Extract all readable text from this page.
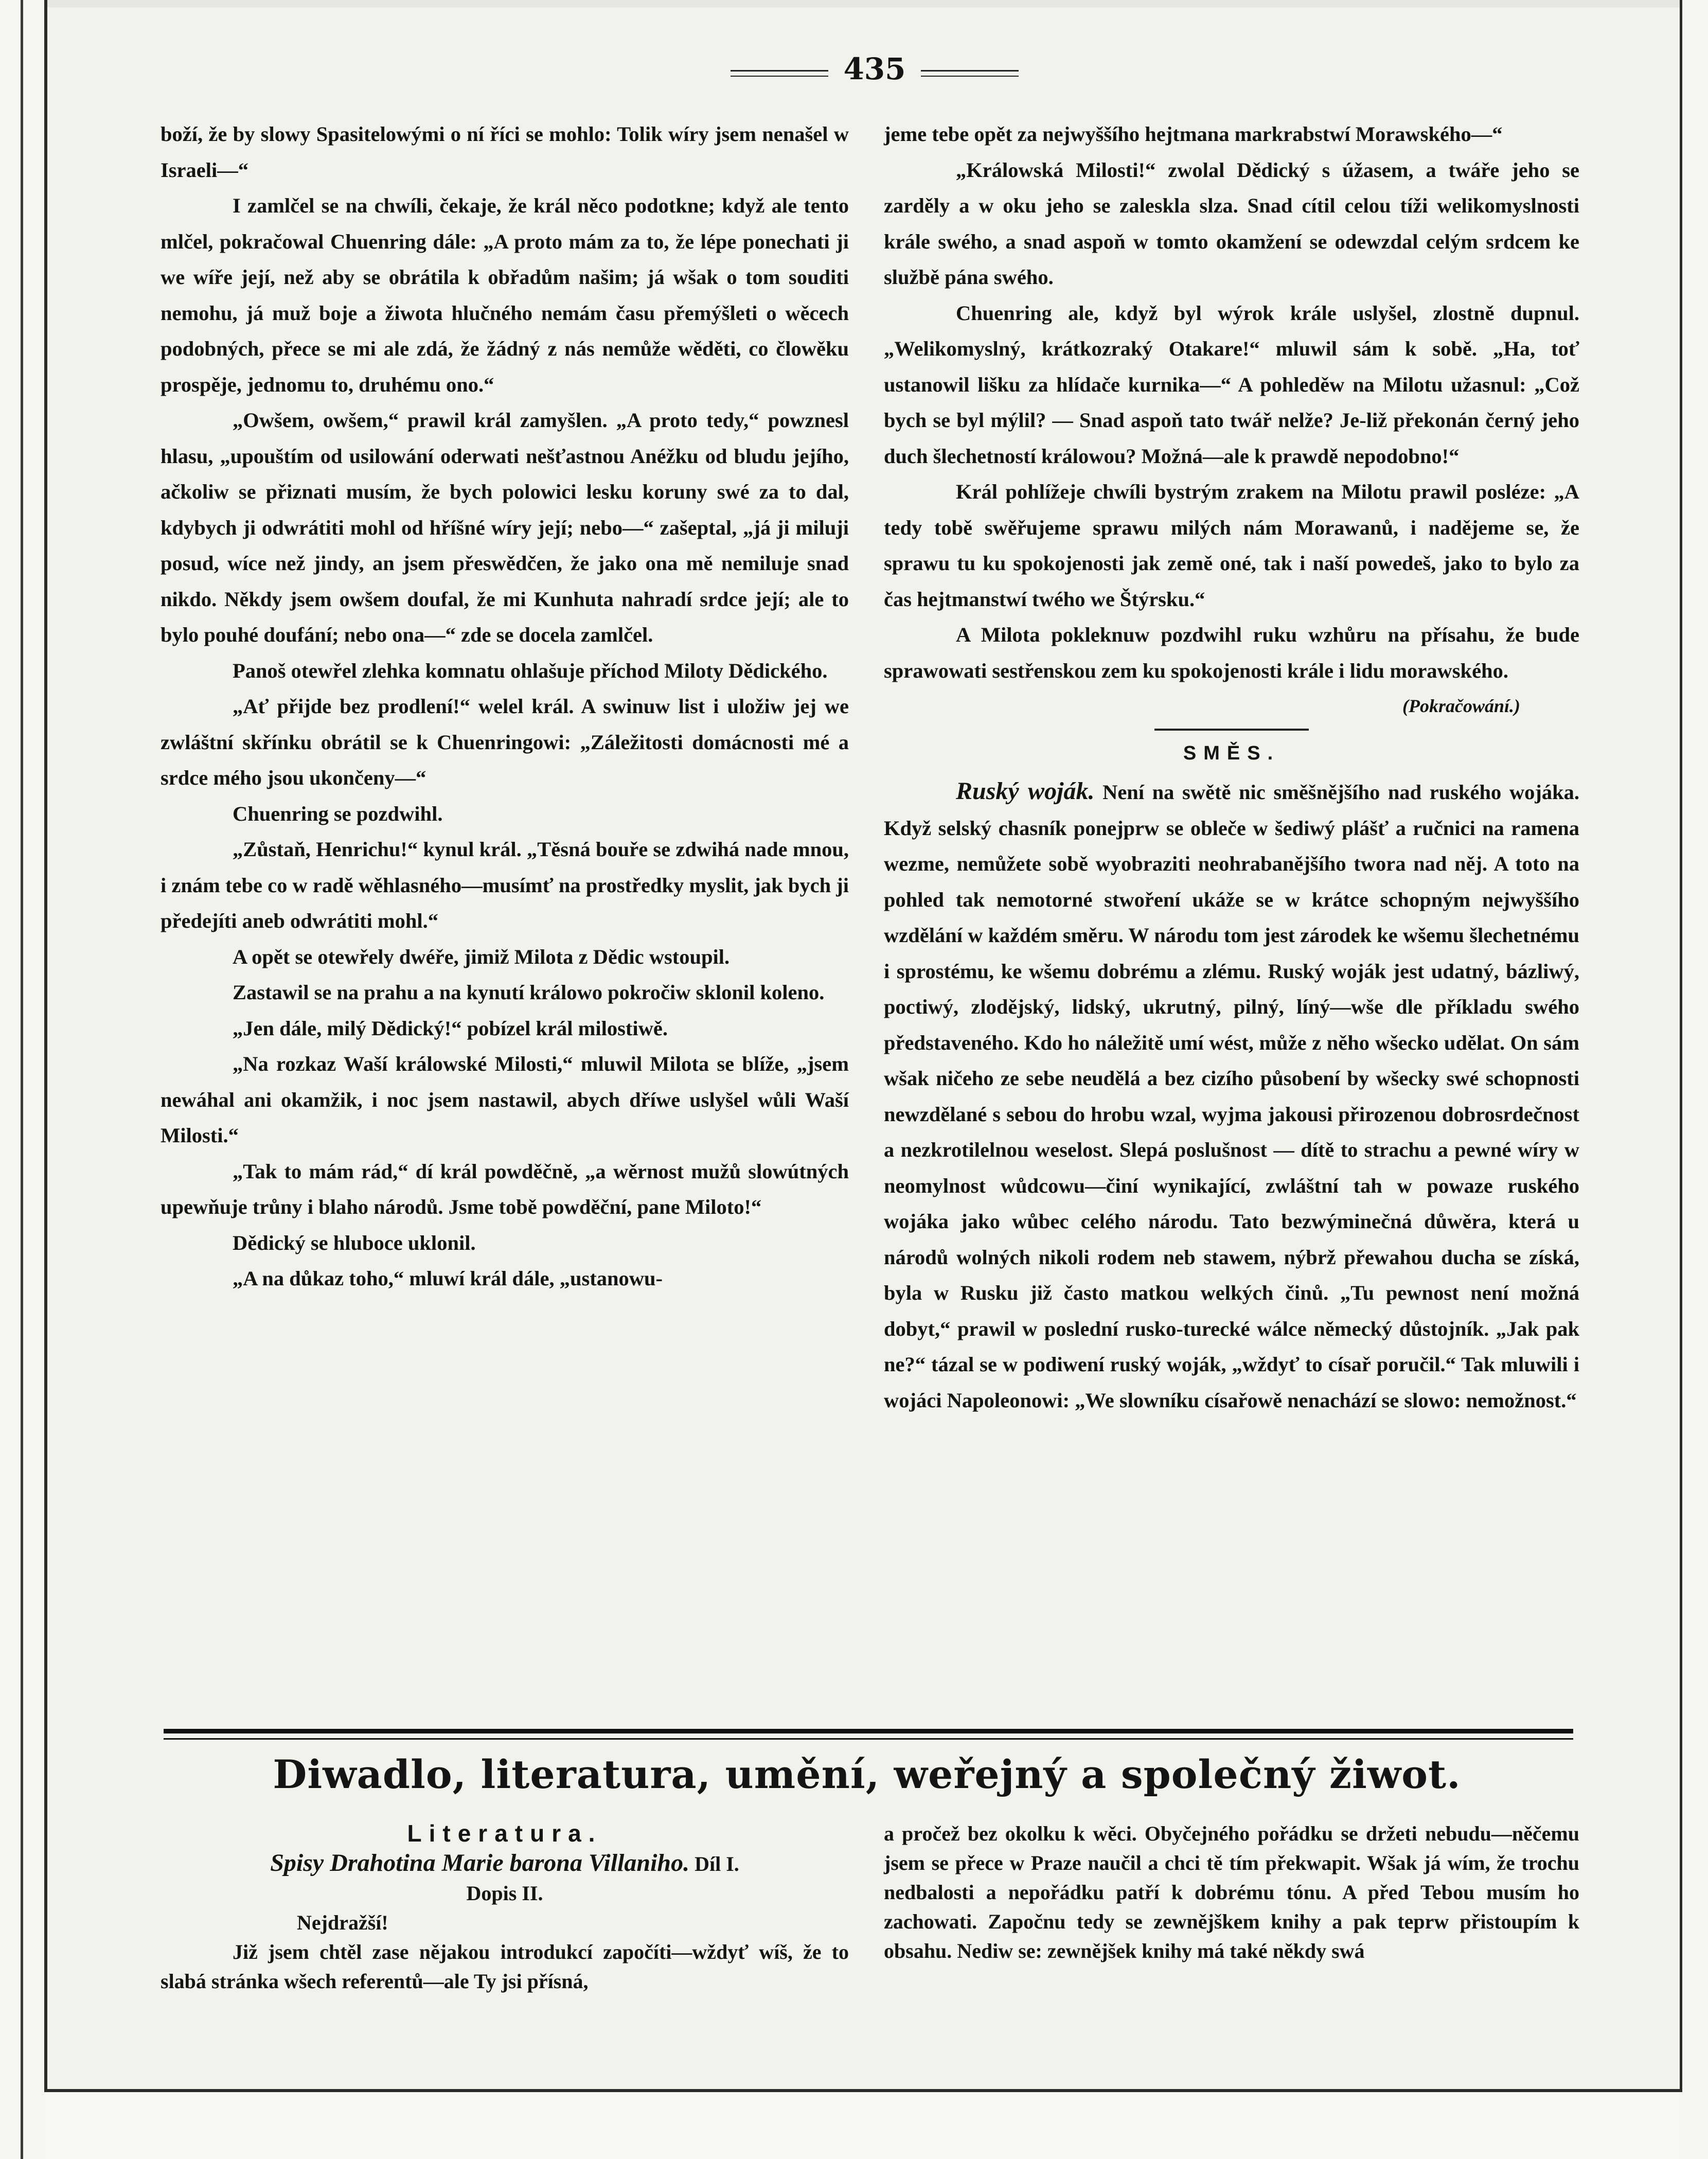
435

boží, že by slowy Spasitelowými o ní říci se mohlo: Tolik wíry jsem nenašel w Israeli—“

I zamlčel se na chwíli, čekaje, že král něco podotkne; když ale tento mlčel, pokračowal Chuenring dále: „A proto mám za to, že lépe ponechati ji we wíře její, než aby se obrátila k obřadům našim; já wšak o tom souditi nemohu, já muž boje a žiwota hlučného nemám času přemýšleti o wěcech podobných, přece se mi ale zdá, že žádný z nás nemůže wěděti, co člowěku prospěje, jednomu to, druhému ono.“

„Owšem, owšem,“ prawil král zamyšlen. „A proto tedy,“ powznesl hlasu, „upouštím od usilowání oderwati nešťastnou Anéžku od bludu jejího, ačkoliw se přiznati musím, že bych polowici lesku koruny swé za to dal, kdybych ji odwrátiti mohl od hříšné wíry její; nebo—“ zašeptal, „já ji miluji posud, wíce než jindy, an jsem přeswědčen, že jako ona mě nemiluje snad nikdo. Někdy jsem owšem doufal, že mi Kunhuta nahradí srdce její; ale to bylo pouhé doufání; nebo ona—“ zde se docela zamlčel.

Panoš otewřel zlehka komnatu ohlašuje příchod Miloty Dědického.

„Ať přijde bez prodlení!“ welel král. A swinuw list i uložiw jej we zwláštní skřínku obrátil se k Chuenringowi: „Záležitosti domácnosti mé a srdce mého jsou ukončeny—“

Chuenring se pozdwihl.

„Zůstaň, Henrichu!“ kynul král. „Těsná bouře se zdwihá nade mnou, i znám tebe co w radě wěhlasného—musímť na prostředky myslit, jak bych ji předejíti aneb odwrátiti mohl.“

A opět se otewřely dwéře, jimiž Milota z Dědic wstoupil.

Zastawil se na prahu a na kynutí králowo pokročiw sklonil koleno.

„Jen dále, milý Dědický!“ pobízel král milostiwě.

„Na rozkaz Waší králowské Milosti,“ mluwil Milota se blíže, „jsem newáhal ani okamžik, i noc jsem nastawil, abych dříwe uslyšel wůli Waší Milosti.“

„Tak to mám rád,“ dí král powděčně, „a wěrnost mužů slowútných upewňuje trůny i blaho národů. Jsme tobě powděční, pane Miloto!“

Dědický se hluboce uklonil.

„A na důkaz toho,“ mluwí král dále, „ustanowu-

jeme tebe opět za nejwyššího hejtmana markrabstwí Morawského—“

„Králowská Milosti!“ zwolal Dědický s úžasem, a twáře jeho se zarděly a w oku jeho se zaleskla slza. Snad cítil celou tíži welikomyslnosti krále swého, a snad aspoň w tomto okamžení se odewzdal celým srdcem ke službě pána swého.

Chuenring ale, když byl wýrok krále uslyšel, zlostně dupnul. „Welikomyslný, krátkozraký Otakare!“ mluwil sám k sobě. „Ha, toť ustanowil lišku za hlídače kurnika—“ A pohleděw na Milotu užasnul: „Což bych se byl mýlil? — Snad aspoň tato twář nelže? Je-liž překonán černý jeho duch šlechetností králowou? Možná—ale k prawdě nepodobno!“

Král pohlížeje chwíli bystrým zrakem na Milotu prawil posléze: „A tedy tobě swěřujeme sprawu milých nám Morawanů, i nadějeme se, že sprawu tu ku spokojenosti jak země oné, tak i naší powedeš, jako to bylo za čas hejtmanstwí twého we Štýrsku.“

A Milota pokleknuw pozdwihl ruku wzhůru na přísahu, že bude sprawowati sestřenskou zem ku spokojenosti krále i lidu morawského.

(Pokračowání.)

SMĚS.

Ruský woják. Není na swětě nic směšnějšího nad ruského wojáka. Když selský chasník ponejprw se obleče w šediwý plášť a ručnici na ramena wezme, nemůžete sobě wyobraziti neohrabanějšího twora nad něj. A toto na pohled tak nemotorné stwoření ukáže se w krátce schopným nejwyššího wzdělání w každém směru. W národu tom jest zárodek ke wšemu šlechetnému i sprostému, ke wšemu dobrému a zlému. Ruský woják jest udatný, bázliwý, poctiwý, zlodějský, lidský, ukrutný, pilný, líný—wše dle příkladu swého představeného. Kdo ho náležitě umí wést, může z něho wšecko udělat. On sám wšak ničeho ze sebe neudělá a bez cizího působení by wšecky swé schopnosti newzdělané s sebou do hrobu wzal, wyjma jakousi přirozenou dobrosrdečnost a nezkrotilelnou weselost. Slepá poslušnost — dítě to strachu a pewné wíry w neomylnost wůdcowu—činí wynikající, zwláštní tah w powaze ruského wojáka jako wůbec celého národu. Tato bezwýminečná důwěra, která u národů wolných nikoli rodem neb stawem, nýbrž přewahou ducha se získá, byla w Rusku již často matkou welkých činů. „Tu pewnost není možná dobyt,“ prawil w poslední rusko-turecké wálce německý důstojník. „Jak pak ne?“ tázal se w podiwení ruský woják, „wždyť to císař poručil.“ Tak mluwili i wojáci Napoleonowi: „We slowníku císařowě nenachází se slowo: nemožnost.“

Diwadlo, literatura, umění, weřejný a společný žiwot.

Literatura.

Spisy Drahotina Marie barona Villaniho. Díl I.

Dopis II.

Nejdražší!

Již jsem chtěl zase nějakou introdukcí započíti—wždyť wíš, že to slabá stránka wšech referentů—ale Ty jsi přísná,

a pročež bez okolku k wěci. Obyčejného pořádku se držeti nebudu—něčemu jsem se přece w Praze naučil a chci tě tím překwapit. Wšak já wím, že trochu nedbalosti a nepořádku patří k dobrému tónu. A před Tebou musím ho zachowati. Započnu tedy se zewnějškem knihy a pak teprw přistoupím k obsahu. Nediw se: zewnějšek knihy má také někdy swá
